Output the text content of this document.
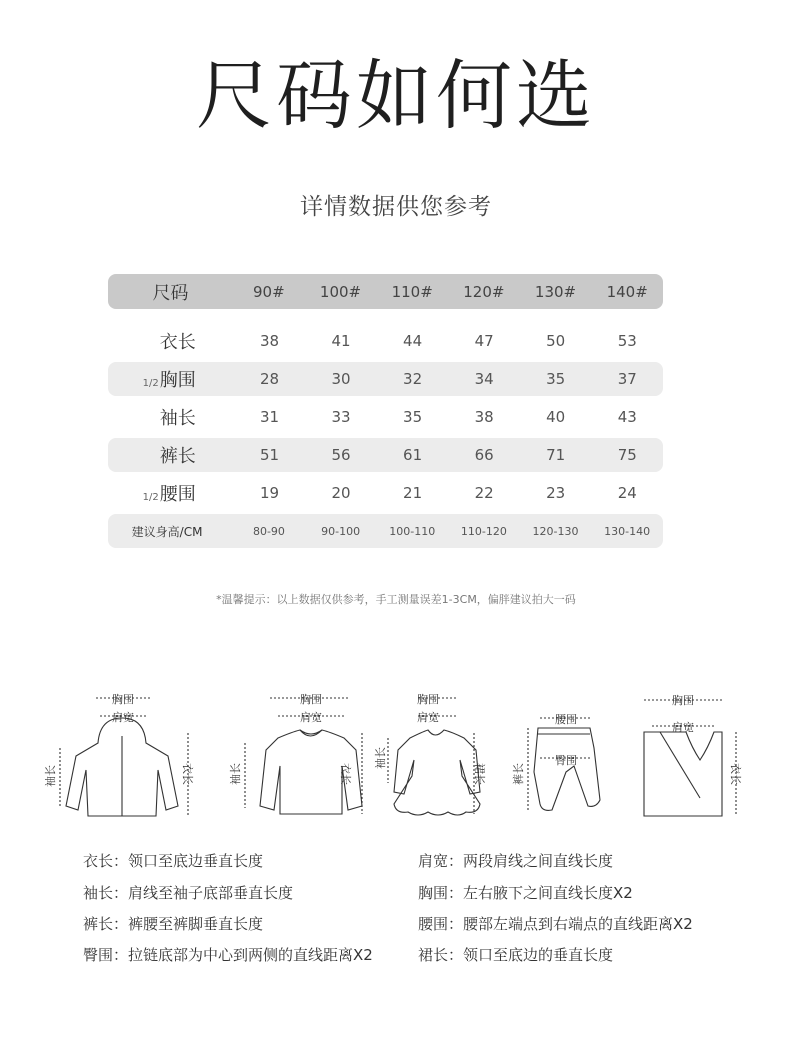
尺码如何选
详情数据供您参考
尺码	90#	100#	110#	120#	130#	140#
衣长	38	41	44	47	50	53
1/2胸围	28	30	32	34	35	37
袖长	31	33	35	38	40	43
裤长	51	56	61	66	71	75
1/2腰围	19	20	21	22	23	24
建议身高/CM	80-90	90-100	100-110	110-120	120-130	130-140
*温馨提示：以上数据仅供参考，手工测量误差1-3CM，偏胖建议拍大一码
胸围
肩宽
袖长	衣长
胸围
肩宽
袖长	衣长
胸围
肩宽
袖长
裙长
腰围
臀围
裤长
胸围
肩宽
衣长
衣长：领口至底边垂直长度	肩宽：两段肩线之间直线长度
袖长：肩线至袖子底部垂直长度	胸围：左右腋下之间直线长度X2
裤长：裤腰至裤脚垂直长度	腰围：腰部左端点到右端点的直线距离X2
臀围：拉链底部为中心到两侧的直线距离X2	裙长：领口至底边的垂直长度
